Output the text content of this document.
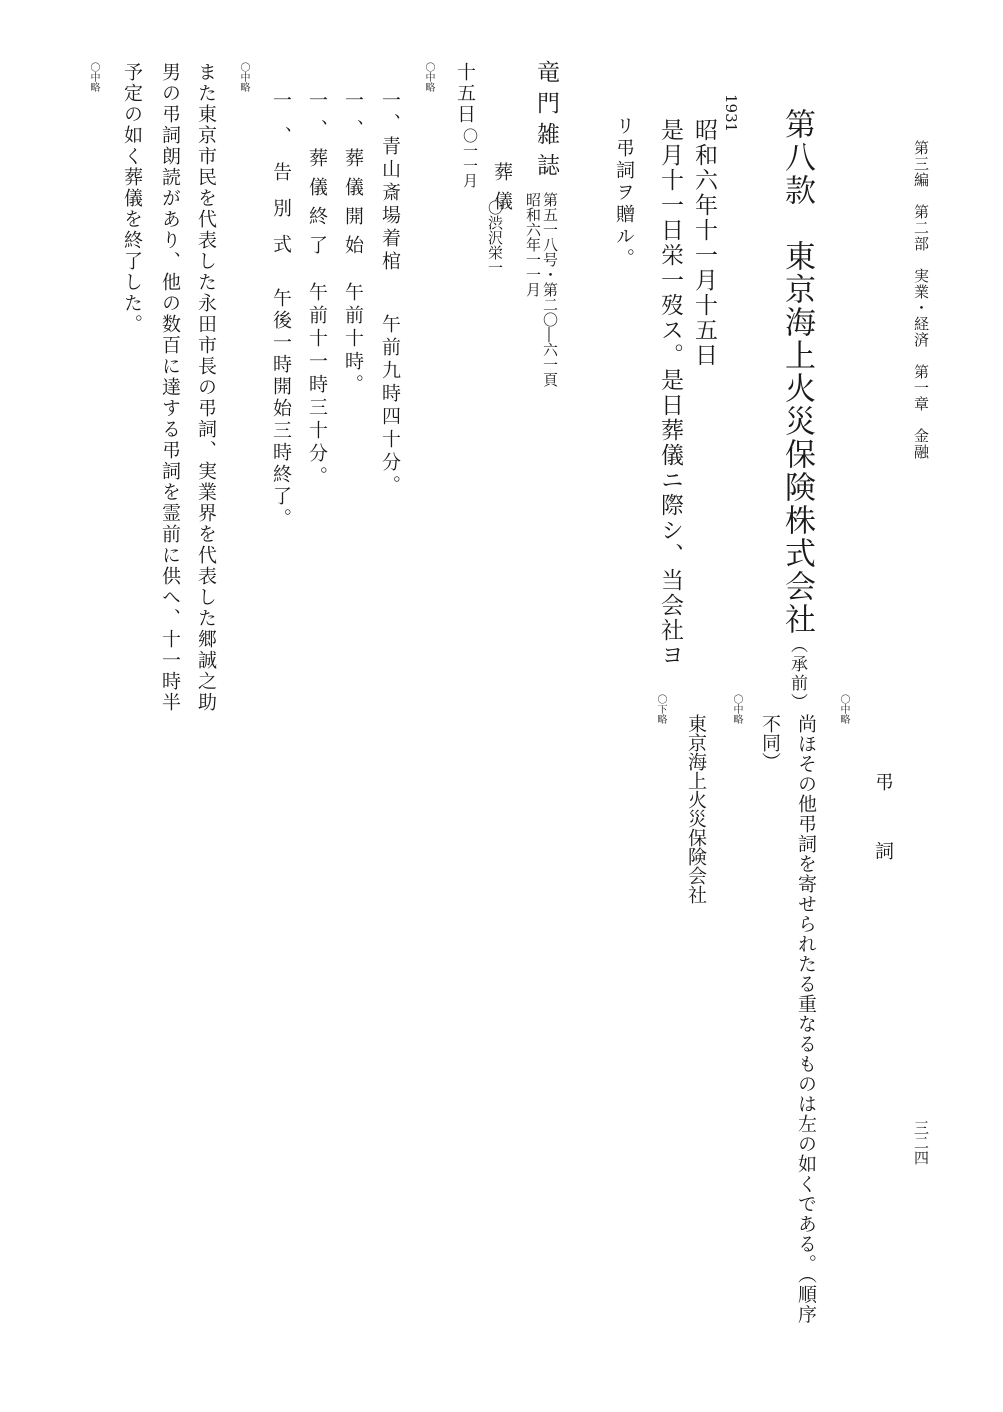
第三編　第二部　実業・経済　第一章　金融
三二四
第八款　東京海上火災保険株式会社（承前）
1931
昭和六年十一月十五日
是月十一日栄一歿ス。是日葬儀ニ際シ、当会社ヨ
リ弔詞ヲ贈ル。
竜門雑誌
第五一八号・第二〇―六一頁
昭和六年一一月
葬儀
〇渋沢栄一
〇中略 十五日
〇一一月
一、青山斎場着棺午前九時四十分。
一、葬儀開始午前十時。
一、葬儀終了午前十一時三十分。
一、告別式午後一時開始三時終了。
〇中略
また東京市民を代表した永田市長の弔詞、実業界を代表した郷誠之助
男の弔詞朗読があり、他の数百に達する弔詞を霊前に供へ、十一時半
予定の如く葬儀を終了した。
〇中略
弔　　詞
〇中略
尚ほその他弔詞を寄せられたる重なるものは左の如くである。（順序
不同）
〇中略
東京海上火災保険会社
〇下略
